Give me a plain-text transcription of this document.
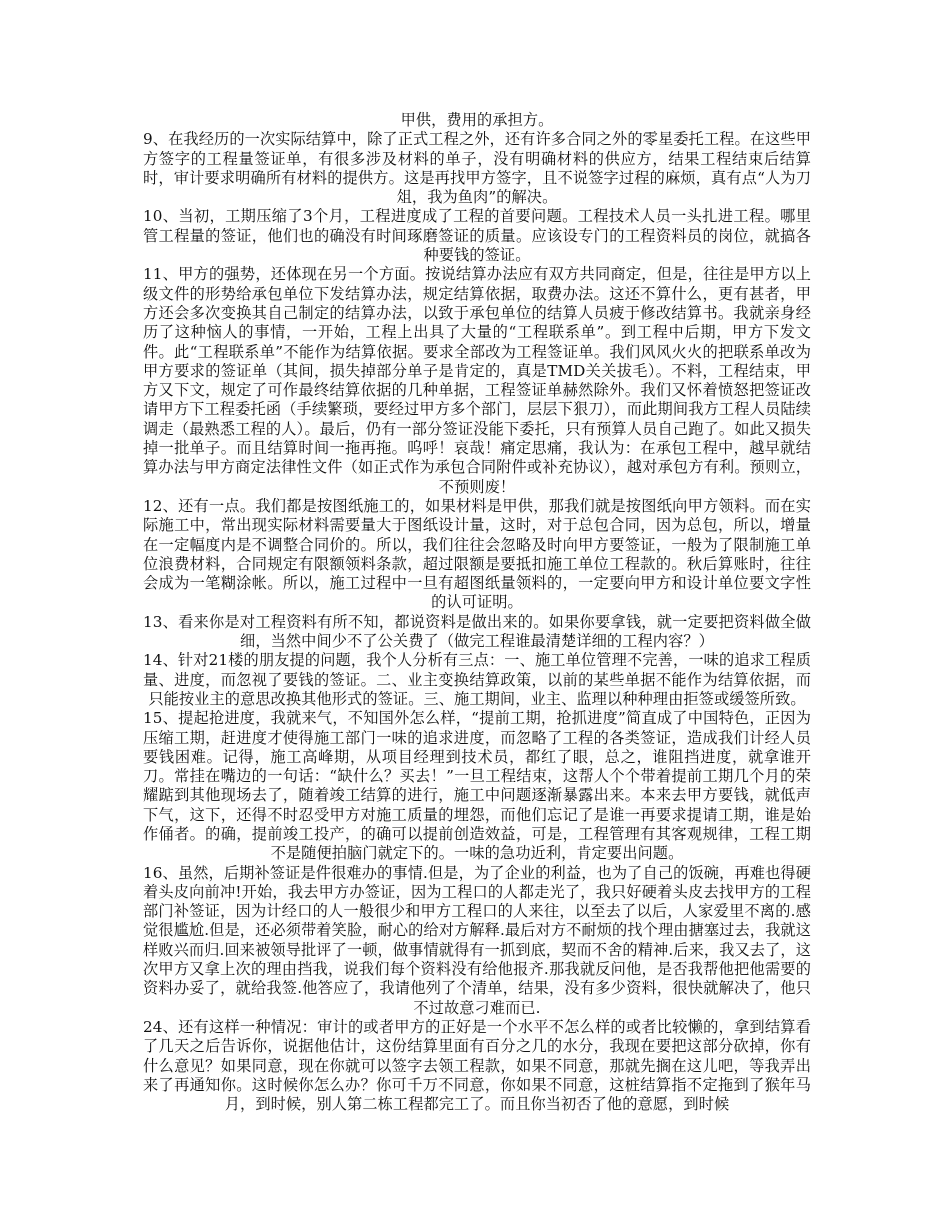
甲供，费用的承担方。

9、在我经历的一次实际结算中，除了正式工程之外，还有许多合同之外的零星委托工程。在这些甲方签字的工程量签证单，有很多涉及材料的单子，没有明确材料的供应方，结果工程结束后结算时，审计要求明确所有材料的提供方。这是再找甲方签字，且不说签字过程的麻烦，真有点“人为刀俎，我为鱼肉”的解决。

10、当初，工期压缩了3个月，工程进度成了工程的首要问题。工程技术人员一头扎进工程。哪里管工程量的签证，他们也的确没有时间琢磨签证的质量。应该设专门的工程资料员的岗位，就搞各种要钱的签证。

11、甲方的强势，还体现在另一个方面。按说结算办法应有双方共同商定，但是，往往是甲方以上级文件的形势给承包单位下发结算办法，规定结算依据，取费办法。这还不算什么，更有甚者，甲方还会多次变换其自己制定的结算办法，以致于承包单位的结算人员疲于修改结算书。我就亲身经历了这种恼人的事情，一开始，工程上出具了大量的“工程联系单”。到工程中后期，甲方下发文件。此“工程联系单”不能作为结算依据。要求全部改为工程签证单。我们风风火火的把联系单改为甲方要求的签证单（其间，损失掉部分单子是肯定的，真是TMD关关拔毛）。不料，工程结束，甲方又下文，规定了可作最终结算依据的几种单据，工程签证单赫然除外。我们又怀着愤怒把签证改请甲方下工程委托函（手续繁琐，要经过甲方多个部门，层层下狠刀），而此期间我方工程人员陆续调走（最熟悉工程的人）。最后，仍有一部分签证没能下委托，只有预算人员自己跑了。如此又损失掉一批单子。而且结算时间一拖再拖。呜呼！哀哉！痛定思痛，我认为：在承包工程中，越早就结算办法与甲方商定法律性文件（如正式作为承包合同附件或补充协议），越对承包方有利。预则立，不预则废！

12、还有一点。我们都是按图纸施工的，如果材料是甲供，那我们就是按图纸向甲方领料。而在实际施工中，常出现实际材料需要量大于图纸设计量，这时，对于总包合同，因为总包，所以，增量在一定幅度内是不调整合同价的。所以，我们往往会忽略及时向甲方要签证，一般为了限制施工单位浪费材料，合同规定有限额领料条款，超过限额是要抵扣施工单位工程款的。秋后算账时，往往会成为一笔糊涂帐。所以，施工过程中一旦有超图纸量领料的，一定要向甲方和设计单位要文字性的认可证明。

13、看来你是对工程资料有所不知，都说资料是做出来的。如果你要拿钱，就一定要把资料做全做细，当然中间少不了公关费了（做完工程谁最清楚详细的工程内容？）

14、针对21楼的朋友提的问题，我个人分析有三点：一、施工单位管理不完善，一味的追求工程质量、进度，而忽视了要钱的签证。二、业主变换结算政策，以前的某些单据不能作为结算依据，而只能按业主的意思改换其他形式的签证。三、施工期间，业主、监理以种种理由拒签或缓签所致。

15、提起抢进度，我就来气，不知国外怎么样，“提前工期，抢抓进度”简直成了中国特色，正因为压缩工期，赶进度才使得施工部门一味的追求进度，而忽略了工程的各类签证，造成我们计经人员要钱困难。记得，施工高峰期，从项目经理到技术员，都红了眼，总之，谁阻挡进度，就拿谁开刀。常挂在嘴边的一句话：“缺什么？买去！”一旦工程结束，这帮人个个带着提前工期几个月的荣耀踮到其他现场去了，随着竣工结算的进行，施工中问题逐渐暴露出来。本来去甲方要钱，就低声下气，这下，还得不时忍受甲方对施工质量的埋怨，而他们忘记了是谁一再要求提请工期，谁是始作俑者。的确，提前竣工投产，的确可以提前创造效益，可是，工程管理有其客观规律，工程工期不是随便拍脑门就定下的。一味的急功近利，肯定要出问题。

16、虽然，后期补签证是件很难办的事情.但是，为了企业的利益，也为了自己的饭碗，再难也得硬着头皮向前冲!开始，我去甲方办签证，因为工程口的人都走光了，我只好硬着头皮去找甲方的工程部门补签证，因为计经口的人一般很少和甲方工程口的人来往，以至去了以后，人家爱里不离的.感觉很尴尬.但是，还必须带着笑脸，耐心的给对方解释.最后对方不耐烦的找个理由搪塞过去，我就这样败兴而归.回来被领导批评了一顿，做事情就得有一抓到底，契而不舍的精神.后来，我又去了，这次甲方又拿上次的理由挡我，说我们每个资料没有给他报齐.那我就反问他，是否我帮他把他需要的资料办妥了，就给我签.他答应了，我请他列了个清单，结果，没有多少资料，很快就解决了，他只不过故意刁难而已.

24、还有这样一种情况：审计的或者甲方的正好是一个水平不怎么样的或者比较懒的，拿到结算看了几天之后告诉你，说据他估计，这份结算里面有百分之几的水分，我现在要把这部分砍掉，你有什么意见？如果同意，现在你就可以签字去领工程款，如果不同意，那就先搁在这儿吧，等我弄出来了再通知你。这时候你怎么办？你可千万不同意，你如果不同意，这桩结算指不定拖到了猴年马月，到时候，别人第二栋工程都完工了。而且你当初否了他的意愿，到时候
